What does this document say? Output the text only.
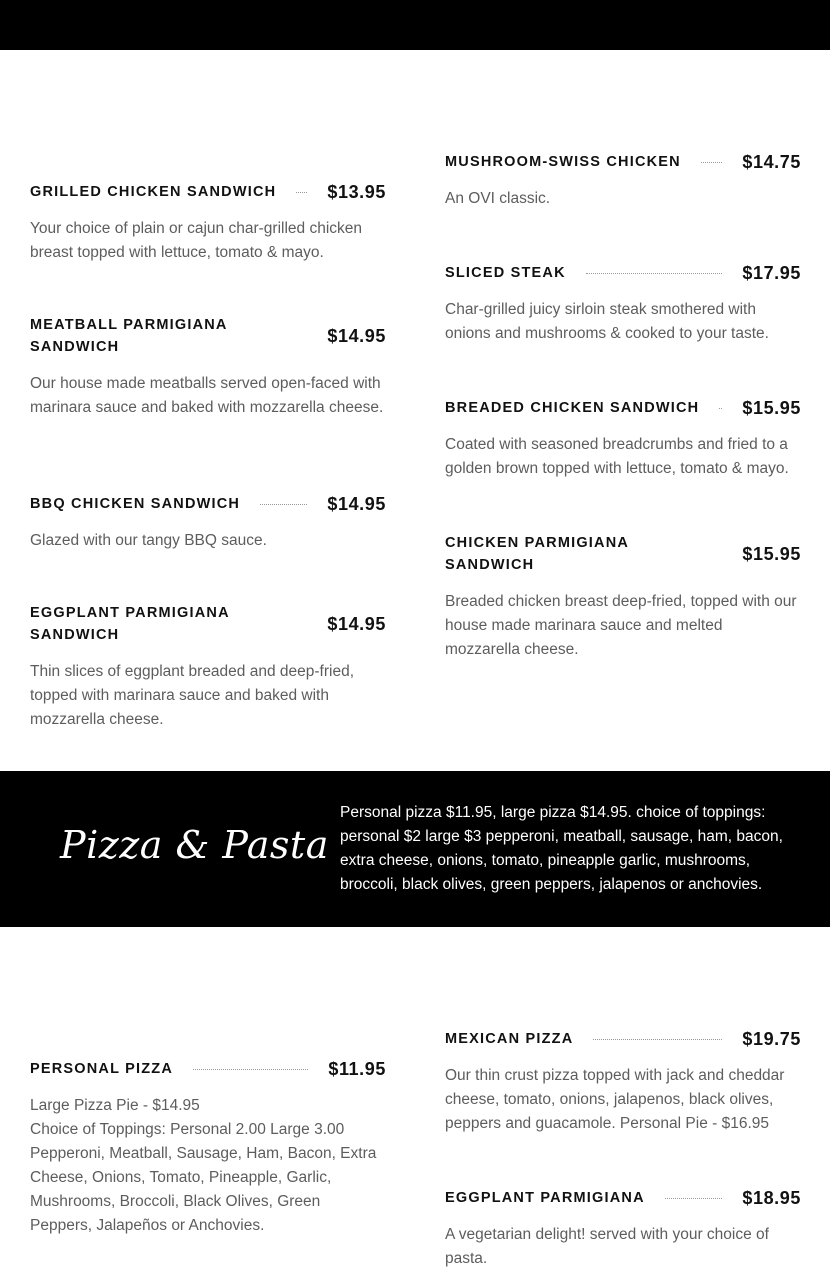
GRILLED CHICKEN SANDWICH	$13.95

Your choice of plain or cajun char-grilled chicken breast topped with lettuce, tomato & mayo.

MEATBALL PARMIGIANA SANDWICH
$14.95

Our house made meatballs served open-faced with marinara sauce and baked with mozzarella cheese.

BBQ CHICKEN SANDWICH	$14.95

Glazed with our tangy BBQ sauce.

EGGPLANT PARMIGIANA SANDWICH
$14.95

Thin slices of eggplant breaded and deep-fried, topped with marinara sauce and baked with mozzarella cheese.

MUSHROOM-SWISS CHICKEN	$14.75

An OVI classic.

SLICED STEAK	$17.95

Char-grilled juicy sirloin steak smothered with onions and mushrooms & cooked to your taste.

BREADED CHICKEN SANDWICH $15.95

Coated with seasoned breadcrumbs and fried to a golden brown topped with lettuce, tomato & mayo.

CHICKEN PARMIGIANA SANDWICH
$15.95

Breaded chicken breast deep-fried, topped with our house made marinara sauce and melted mozzarella cheese.

Pizza & Pasta

Personal pizza $11.95, large pizza $14.95. choice of toppings: personal $2 large $3 pepperoni, meatball, sausage, ham, bacon, extra cheese, onions, tomato, pineapple garlic, mushrooms, broccoli, black olives, green peppers, jalapenos or anchovies.

PERSONAL PIZZA	$11.95

Large Pizza Pie - $14.95
Choice of Toppings: Personal 2.00 Large 3.00 Pepperoni, Meatball, Sausage, Ham, Bacon, Extra Cheese, Onions, Tomato, Pineapple, Garlic, Mushrooms, Broccoli, Black Olives, Green Peppers, Jalapeños or Anchovies.

MEXICAN PIZZA	$19.75

Our thin crust pizza topped with jack and cheddar cheese, tomato, onions, jalapenos, black olives, peppers and guacamole. Personal Pie - $16.95

EGGPLANT PARMIGIANA	$18.95

A vegetarian delight! served with your choice of pasta.
